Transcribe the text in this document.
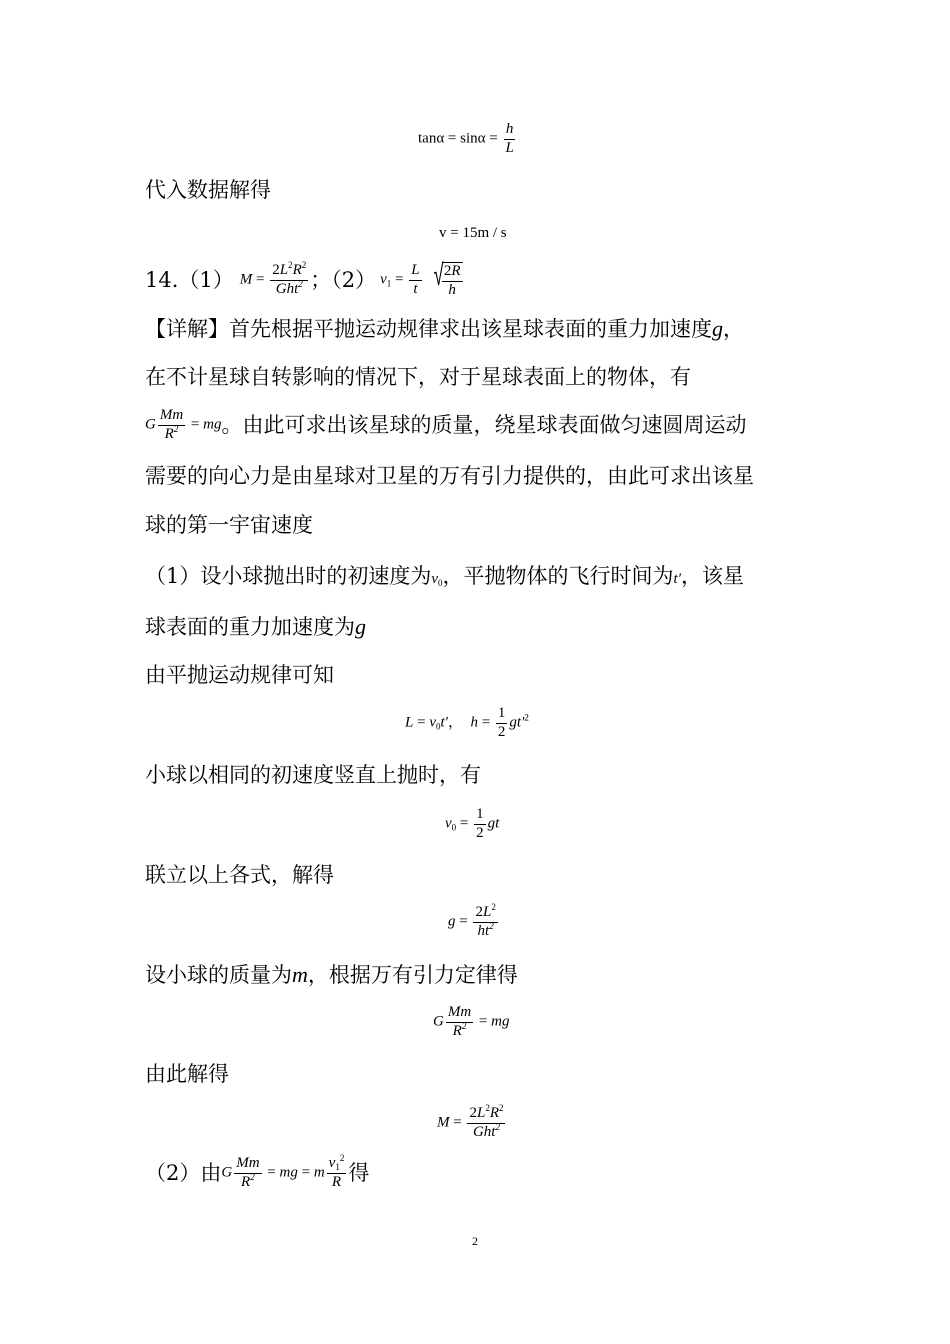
$\tan\alpha = \sin\alpha = \frac{h}{L}$
代入数据解得
v = 15m / s
14.（1） $M = \frac{2L^2R^2}{Ght^2}$ ；（2） $v_1 = \frac{L}{t}$
√
$\frac{2R}{h}$
【详解】首先根据平抛运动规律求出该星球表面的重力加速度g，
在不计星球自转影响的情况下，对于星球表面上的物体，有
G $\frac{Mm}{R^2}$ = mg 。由此可求出该星球的质量，绕星球表面做匀速圆周运动
需要的向心力是由星球对卫星的万有引力提供的，由此可求出该星
球的第一宇宙速度
（1）设小球抛出时的初速度为$v_0$，平抛物体的飞行时间为t′，该星
球表面的重力加速度为g
由平抛运动规律可知
$L = v_0t'$，  $h = \frac{1}{2} gt'^2$
小球以相同的初速度竖直上抛时，有
$v_0 = \frac{1}{2}$ gt
联立以上各式，解得
$g = \frac{2L^2}{ht^2}$
设小球的质量为m，根据万有引力定律得
G $\frac{Mm}{R^2}$ = mg
由此解得
$M = \frac{2L^2R^2}{Ght^2}$
（2）由 G $\frac{Mm}{R^2}$ = mg = m $\frac{v_1^2}{R}$ 得
2
